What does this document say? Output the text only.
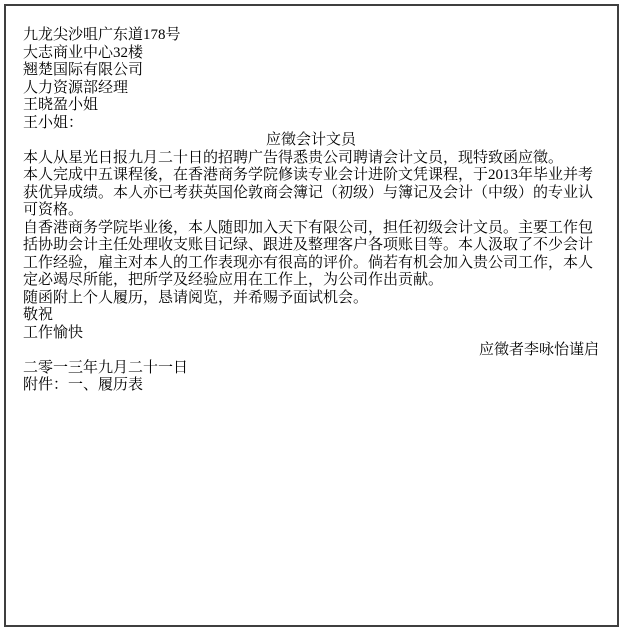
九龙尖沙咀广东道178号
大志商业中心32楼
翘楚国际有限公司
人力资源部经理
王晓盈小姐
王小姐：
应徵会计文员

本人从星光日报九月二十日的招聘广告得悉贵公司聘请会计文员，现特致函应徵。

本人完成中五课程後，在香港商务学院修读专业会计进阶文凭课程，于2013年毕业并考获优异成绩。本人亦已考获英国伦敦商会簿记（初级）与簿记及会计（中级）的专业认可资格。

自香港商务学院毕业後，本人随即加入天下有限公司，担任初级会计文员。主要工作包括协助会计主任处理收支账目记绿、跟进及整理客户各项账目等。本人汲取了不少会计工作经验，雇主对本人的工作表现亦有很高的评价。倘若有机会加入贵公司工作，本人定必竭尽所能，把所学及经验应用在工作上，为公司作出贡献。

随函附上个人履历，恳请阅览，并希赐予面试机会。

敬祝
工作愉快
应徵者李咏怡谨启
二零一三年九月二十一日
附件：一、履历表
